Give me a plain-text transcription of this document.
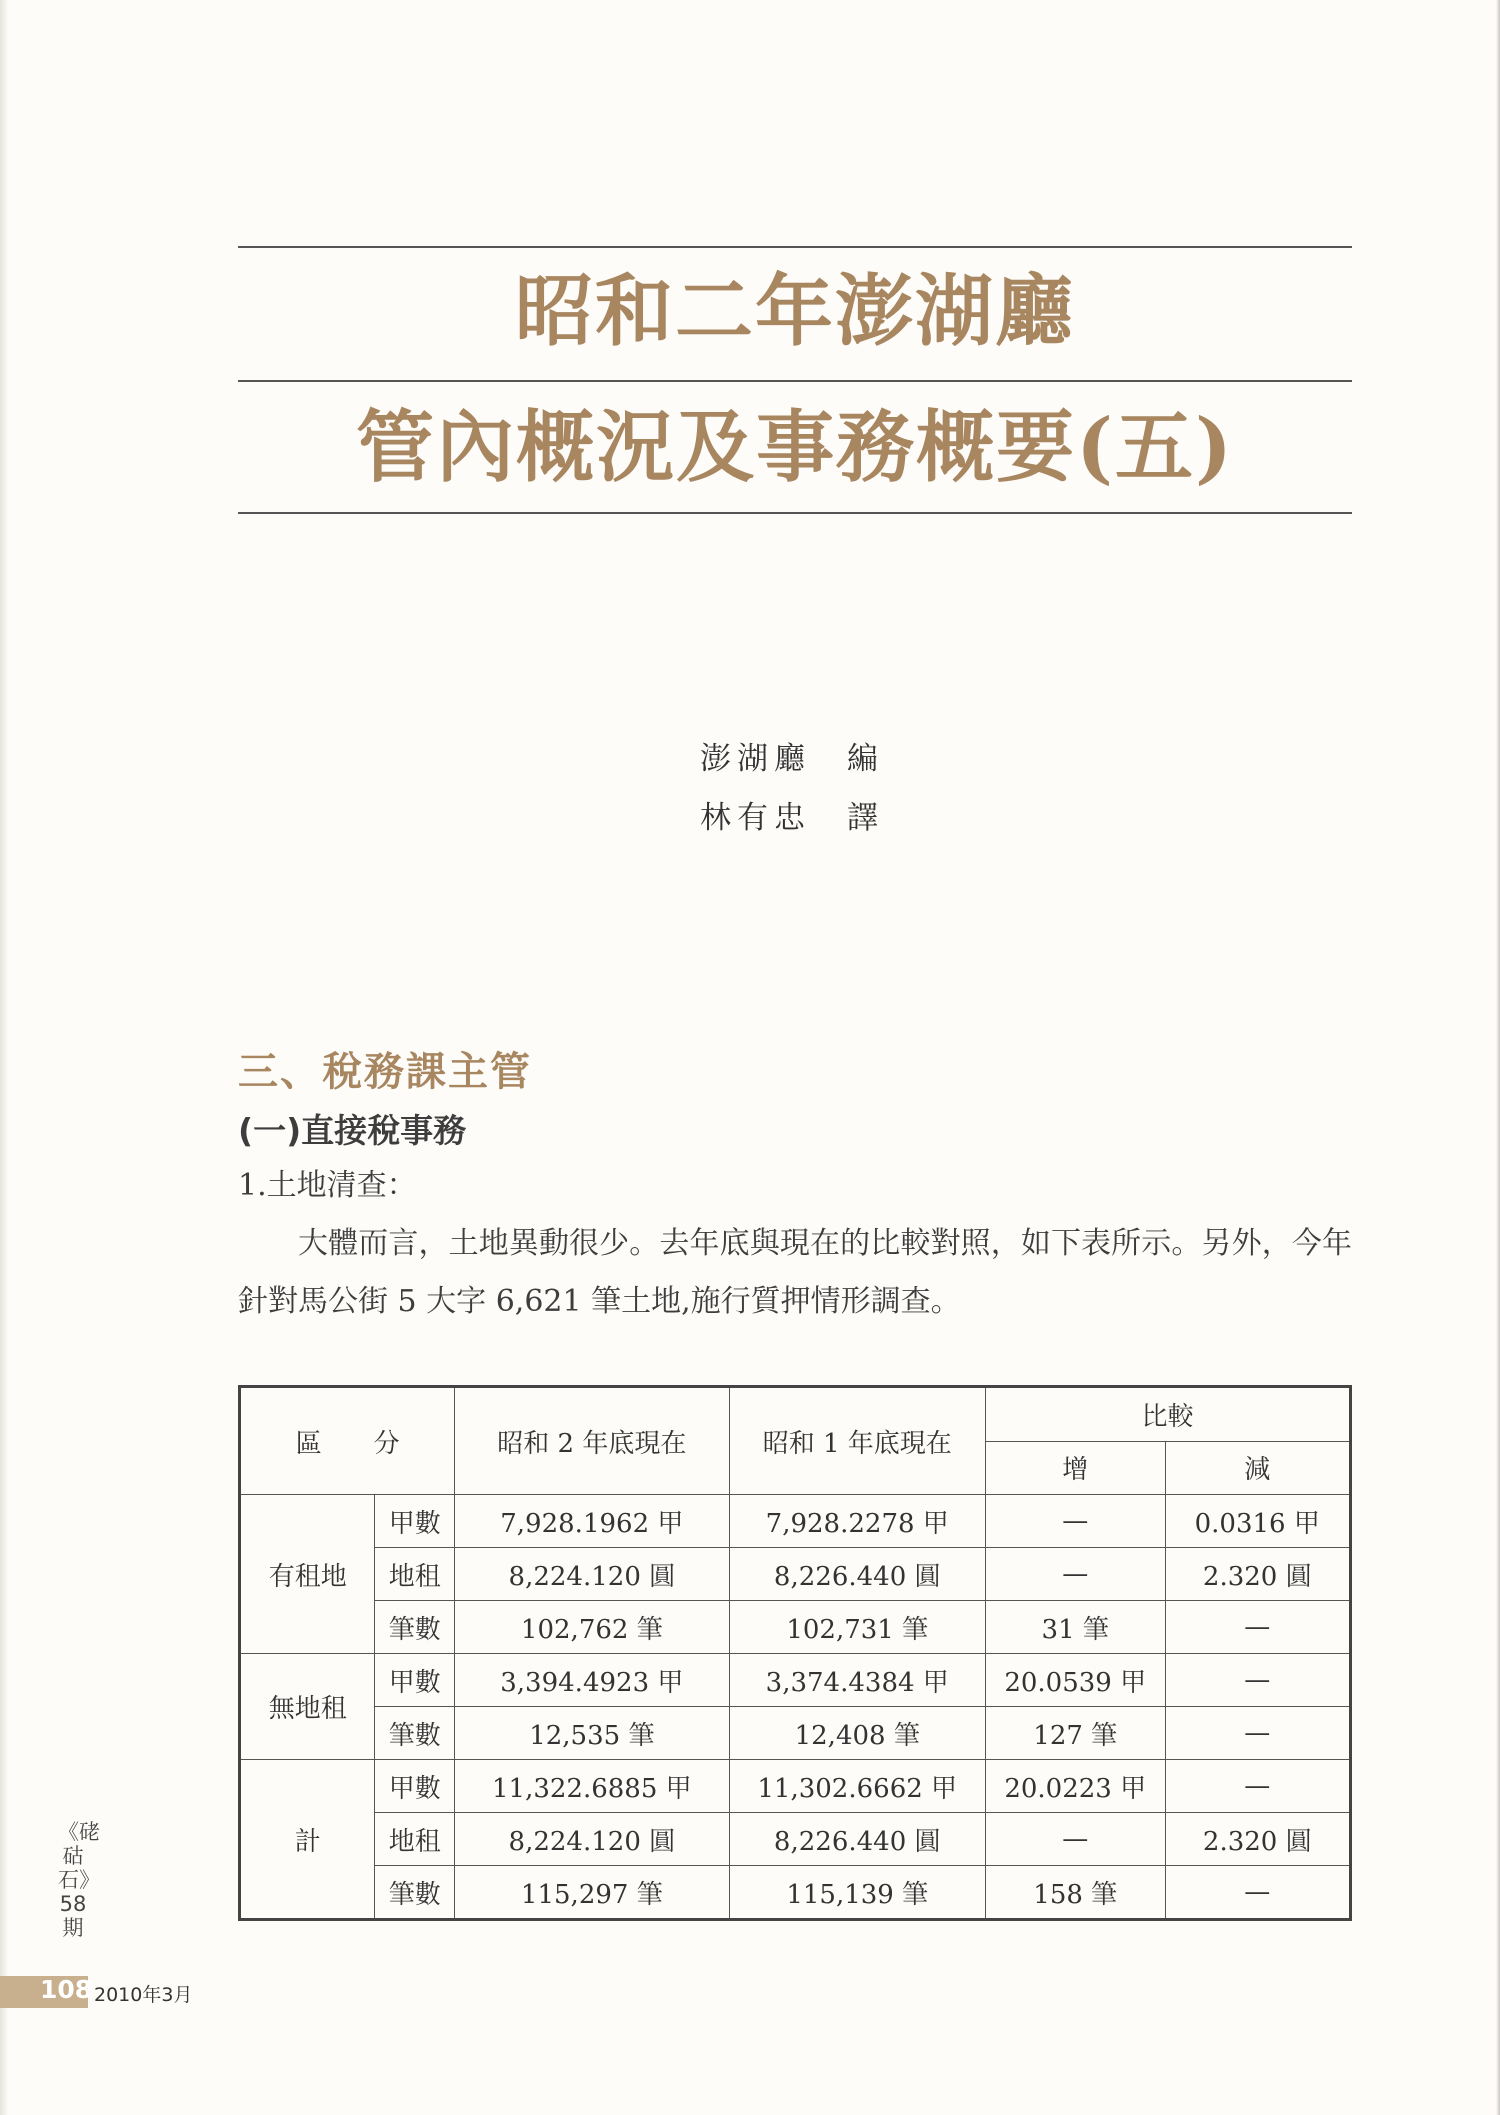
昭和二年澎湖廳
管內概況及事務概要(五)
澎湖廳 編
林有忠 譯
三、稅務課主管
(一)直接稅事務
1.土地清查：
大體而言，土地異動很少。去年底與現在的比較對照，如下表所示。另外，今年針對馬公街 5 大字 6,621 筆土地,施行質押情形調查。
區　　分		昭和 2 年底現在	昭和 1 年底現在	比較	
				增	減
有租地	甲數	7,928.1962 甲	7,928.2278 甲	—	0.0316 甲
	地租	8,224.120 圓	8,226.440 圓	—	2.320 圓
	筆數	102,762 筆	102,731 筆	31 筆	—
無地租	甲數	3,394.4923 甲	3,374.4384 甲	20.0539 甲	—
	筆數	12,535 筆	12,408 筆	127 筆	—
計	甲數	11,322.6885 甲	11,302.6662 甲	20.0223 甲	—
	地租	8,224.120 圓	8,226.440 圓	—	2.320 圓
	筆數	115,297 筆	115,139 筆	158 筆	—
《硓𥑮石》58期
108 2010年3月
